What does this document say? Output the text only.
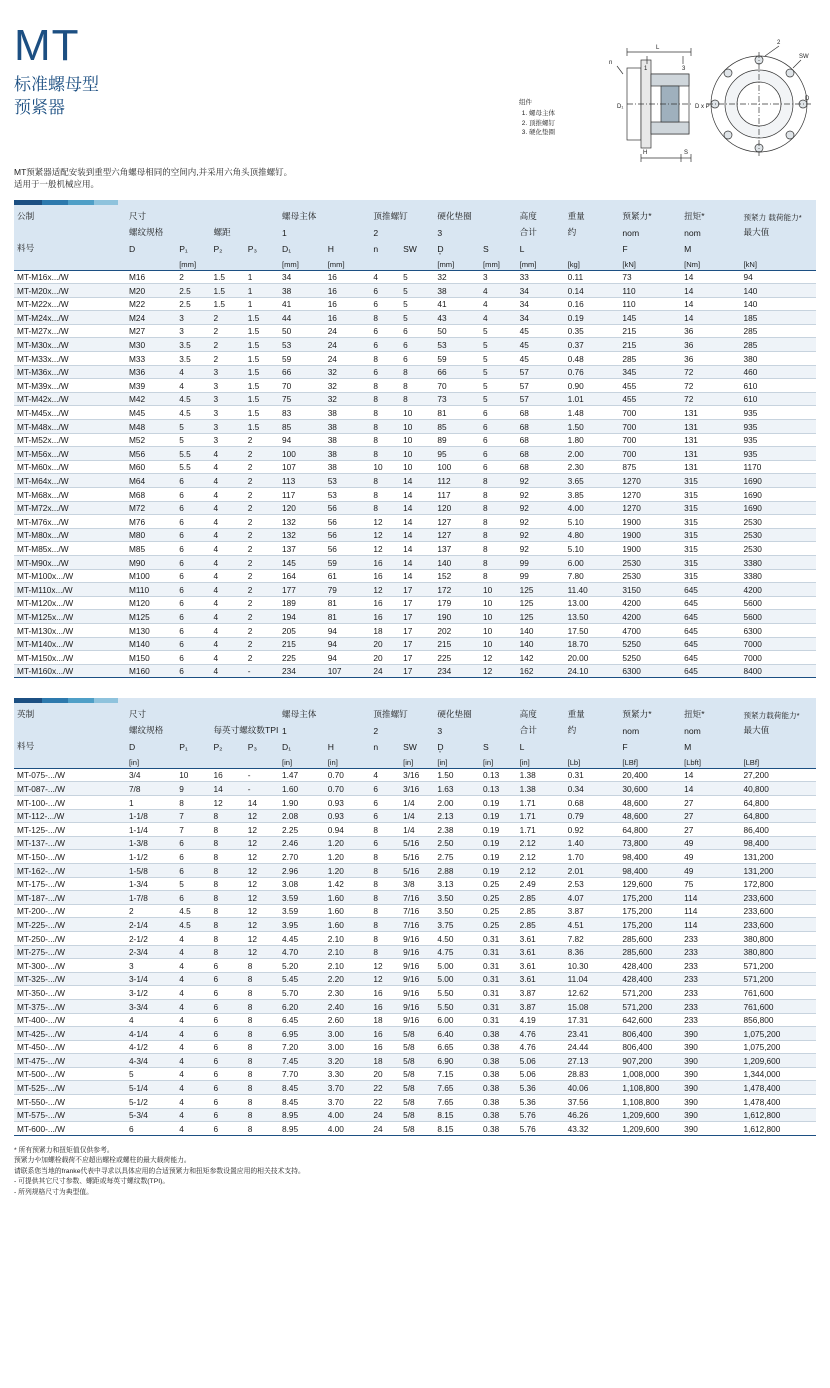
MT
标准螺母型
预紧器
MT预紧器适配安装到重型六角螺母相同的空间内,并采用六角头顶推螺钉。
适用于一般机械应用。
组件
1. 螺母主体
2. 顶推螺钉
3. 硬化垫圈
L
n
1	3
2
SW
D₁
H	S
D x P
D̥
公制	尺寸				螺母主体		顶推螺钉		硬化垫圈		高度	重量	预紧力*	扭矩*	预紧力 载荷能力*
	螺纹规格		螺距		1		2		3		合计	约	nom	nom	最大值
料号	D	P₁	P₂	P₃	D₁	H	n	SW	D̥	S	L		F	M	
		[mm]			[mm]	[mm]			[mm]	[mm]	[mm]	[kg]	[kN]	[Nm]	[kN]
MT-M16x.../W	M16	2	1.5	1	34	16	4	5	32	3	33	0.11	73	14	94
MT-M20x.../W	M20	2.5	1.5	1	38	16	6	5	38	4	34	0.14	110	14	140
MT-M22x.../W	M22	2.5	1.5	1	41	16	6	5	41	4	34	0.16	110	14	140
MT-M24x.../W	M24	3	2	1.5	44	16	8	5	43	4	34	0.19	145	14	185
MT-M27x.../W	M27	3	2	1.5	50	24	6	6	50	5	45	0.35	215	36	285
MT-M30x.../W	M30	3.5	2	1.5	53	24	6	6	53	5	45	0.37	215	36	285
MT-M33x.../W	M33	3.5	2	1.5	59	24	8	6	59	5	45	0.48	285	36	380
MT-M36x.../W	M36	4	3	1.5	66	32	6	8	66	5	57	0.76	345	72	460
MT-M39x.../W	M39	4	3	1.5	70	32	8	8	70	5	57	0.90	455	72	610
MT-M42x.../W	M42	4.5	3	1.5	75	32	8	8	73	5	57	1.01	455	72	610
MT-M45x.../W	M45	4.5	3	1.5	83	38	8	10	81	6	68	1.48	700	131	935
MT-M48x.../W	M48	5	3	1.5	85	38	8	10	85	6	68	1.50	700	131	935
MT-M52x.../W	M52	5	3	2	94	38	8	10	89	6	68	1.80	700	131	935
MT-M56x.../W	M56	5.5	4	2	100	38	8	10	95	6	68	2.00	700	131	935
MT-M60x.../W	M60	5.5	4	2	107	38	10	10	100	6	68	2.30	875	131	1170
MT-M64x.../W	M64	6	4	2	113	53	8	14	112	8	92	3.65	1270	315	1690
MT-M68x.../W	M68	6	4	2	117	53	8	14	117	8	92	3.85	1270	315	1690
MT-M72x.../W	M72	6	4	2	120	56	8	14	120	8	92	4.00	1270	315	1690
MT-M76x.../W	M76	6	4	2	132	56	12	14	127	8	92	5.10	1900	315	2530
MT-M80x.../W	M80	6	4	2	132	56	12	14	127	8	92	4.80	1900	315	2530
MT-M85x.../W	M85	6	4	2	137	56	12	14	137	8	92	5.10	1900	315	2530
MT-M90x.../W	M90	6	4	2	145	59	16	14	140	8	99	6.00	2530	315	3380
MT-M100x.../W	M100	6	4	2	164	61	16	14	152	8	99	7.80	2530	315	3380
MT-M110x.../W	M110	6	4	2	177	79	12	17	172	10	125	11.40	3150	645	4200
MT-M120x.../W	M120	6	4	2	189	81	16	17	179	10	125	13.00	4200	645	5600
MT-M125x.../W	M125	6	4	2	194	81	16	17	190	10	125	13.50	4200	645	5600
MT-M130x.../W	M130	6	4	2	205	94	18	17	202	10	140	17.50	4700	645	6300
MT-M140x.../W	M140	6	4	2	215	94	20	17	215	10	140	18.70	5250	645	7000
MT-M150x.../W	M150	6	4	2	225	94	20	17	225	12	142	20.00	5250	645	7000
MT-M160x.../W	M160	6	4	-	234	107	24	17	234	12	162	24.10	6300	645	8400
英制	尺寸				螺母主体		顶推螺钉		硬化垫圈		高度	重量	预紧力*	扭矩*	预紧力载荷能力*
	螺纹规格		每英寸螺纹数TPI		1		2		3		合计	约	nom	nom	最大值
料号	D	P₁	P₂	P₃	D₁	H	n	SW	D̥	S	L		F	M	
	[in]				[in]	[in]		[in]	[in]	[in]	[in]	[Lb]	[LBf]	[Lbft]	[LBf]
MT-075-.../W	3/4	10	16	-	1.47	0.70	4	3/16	1.50	0.13	1.38	0.31	20,400	14	27,200
MT-087-.../W	7/8	9	14	-	1.60	0.70	6	3/16	1.63	0.13	1.38	0.34	30,600	14	40,800
MT-100-.../W	1	8	12	14	1.90	0.93	6	1/4	2.00	0.19	1.71	0.68	48,600	27	64,800
MT-112-.../W	1-1/8	7	8	12	2.08	0.93	6	1/4	2.13	0.19	1.71	0.79	48,600	27	64,800
MT-125-.../W	1-1/4	7	8	12	2.25	0.94	8	1/4	2.38	0.19	1.71	0.92	64,800	27	86,400
MT-137-.../W	1-3/8	6	8	12	2.46	1.20	6	5/16	2.50	0.19	2.12	1.40	73,800	49	98,400
MT-150-.../W	1-1/2	6	8	12	2.70	1.20	8	5/16	2.75	0.19	2.12	1.70	98,400	49	131,200
MT-162-.../W	1-5/8	6	8	12	2.96	1.20	8	5/16	2.88	0.19	2.12	2.01	98,400	49	131,200
MT-175-.../W	1-3/4	5	8	12	3.08	1.42	8	3/8	3.13	0.25	2.49	2.53	129,600	75	172,800
MT-187-.../W	1-7/8	6	8	12	3.59	1.60	8	7/16	3.50	0.25	2.85	4.07	175,200	114	233,600
MT-200-.../W	2	4.5	8	12	3.59	1.60	8	7/16	3.50	0.25	2.85	3.87	175,200	114	233,600
MT-225-.../W	2-1/4	4.5	8	12	3.95	1.60	8	7/16	3.75	0.25	2.85	4.51	175,200	114	233,600
MT-250-.../W	2-1/2	4	8	12	4.45	2.10	8	9/16	4.50	0.31	3.61	7.82	285,600	233	380,800
MT-275-.../W	2-3/4	4	8	12	4.70	2.10	8	9/16	4.75	0.31	3.61	8.36	285,600	233	380,800
MT-300-.../W	3	4	6	8	5.20	2.10	12	9/16	5.00	0.31	3.61	10.30	428,400	233	571,200
MT-325-.../W	3-1/4	4	6	8	5.45	2.20	12	9/16	5.00	0.31	3.61	11.04	428,400	233	571,200
MT-350-.../W	3-1/2	4	6	8	5.70	2.30	16	9/16	5.50	0.31	3.87	12.62	571,200	233	761,600
MT-375-.../W	3-3/4	4	6	8	6.20	2.40	16	9/16	5.50	0.31	3.87	15.08	571,200	233	761,600
MT-400-.../W	4	4	6	8	6.45	2.60	18	9/16	6.00	0.31	4.19	17.31	642,600	233	856,800
MT-425-.../W	4-1/4	4	6	8	6.95	3.00	16	5/8	6.40	0.38	4.76	23.41	806,400	390	1,075,200
MT-450-.../W	4-1/2	4	6	8	7.20	3.00	16	5/8	6.65	0.38	4.76	24.44	806,400	390	1,075,200
MT-475-.../W	4-3/4	4	6	8	7.45	3.20	18	5/8	6.90	0.38	5.06	27.13	907,200	390	1,209,600
MT-500-.../W	5	4	6	8	7.70	3.30	20	5/8	7.15	0.38	5.06	28.83	1,008,000	390	1,344,000
MT-525-.../W	5-1/4	4	6	8	8.45	3.70	22	5/8	7.65	0.38	5.36	40.06	1,108,800	390	1,478,400
MT-550-.../W	5-1/2	4	6	8	8.45	3.70	22	5/8	7.65	0.38	5.36	37.56	1,108,800	390	1,478,400
MT-575-.../W	5-3/4	4	6	8	8.95	4.00	24	5/8	8.15	0.38	5.76	46.26	1,209,600	390	1,612,800
MT-600-.../W	6	4	6	8	8.95	4.00	24	5/8	8.15	0.38	5.76	43.32	1,209,600	390	1,612,800
* 所有预紧力和扭矩值仅供参考。
预紧力や加螺栓载荷不应超出螺栓或螺柱的最大载荷能力。
请联系您当地的franke代表中寻求以具体应用的合适预紧力和扭矩参数设置应用的相关技术支持。
- 可提供其它尺寸参数、螺距或每英寸螺纹数(TPI)。
- 所列规格尺寸为典型值。
